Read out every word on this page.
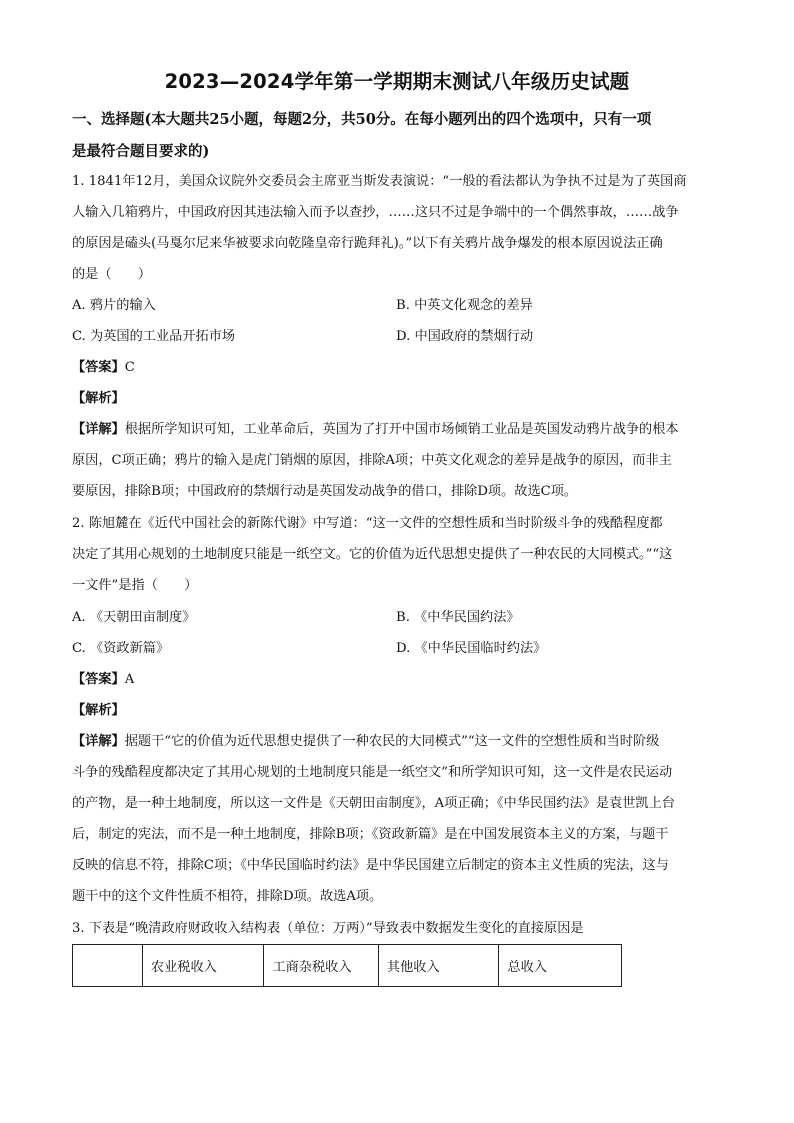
2023—2024学年第一学期期末测试八年级历史试题
一、选择题(本大题共25小题，每题2分，共50分。在每小题列出的四个选项中，只有一项
是最符合题目要求的)
1. 1841年12月，美国众议院外交委员会主席亚当斯发表演说：“一般的看法都认为争执不过是为了英国商
人输入几箱鸦片，中国政府因其违法输入而予以查抄，……这只不过是争端中的一个偶然事故，……战争
的原因是磕头(马戛尔尼来华被要求向乾隆皇帝行跪拜礼)。”以下有关鸦片战争爆发的根本原因说法正确
的是（　　）
A. 鸦片的输入	B. 中英文化观念的差异
C. 为英国的工业品开拓市场	D. 中国政府的禁烟行动
【答案】C
【解析】
【详解】根据所学知识可知，工业革命后，英国为了打开中国市场倾销工业品是英国发动鸦片战争的根本
原因，C项正确；鸦片的输入是虎门销烟的原因，排除A项；中英文化观念的差异是战争的原因，而非主
要原因，排除B项；中国政府的禁烟行动是英国发动战争的借口，排除D项。故选C项。
2. 陈旭麓在《近代中国社会的新陈代谢》中写道：“这一文件的空想性质和当时阶级斗争的残酷程度都
决定了其用心规划的土地制度只能是一纸空文。它的价值为近代思想史提供了一种农民的大同模式。”“这
一文件”是指（　　）
A. 《天朝田亩制度》	B. 《中华民国约法》
C. 《资政新篇》	D. 《中华民国临时约法》
【答案】A
【解析】
【详解】据题干“它的价值为近代思想史提供了一种农民的大同模式”“这一文件的空想性质和当时阶级
斗争的残酷程度都决定了其用心规划的土地制度只能是一纸空文”和所学知识可知，这一文件是农民运动
的产物，是一种土地制度，所以这一文件是《天朝田亩制度》，A项正确；《中华民国约法》是袁世凯上台
后，制定的宪法，而不是一种土地制度，排除B项；《资政新篇》是在中国发展资本主义的方案，与题干
反映的信息不符，排除C项；《中华民国临时约法》是中华民国建立后制定的资本主义性质的宪法，这与
题干中的这个文件性质不相符，排除D项。故选A项。
3. 下表是“晚清政府财政收入结构表（单位：万两）”导致表中数据发生变化的直接原因是
	农业税收入	工商杂税收入	其他收入	总收入
